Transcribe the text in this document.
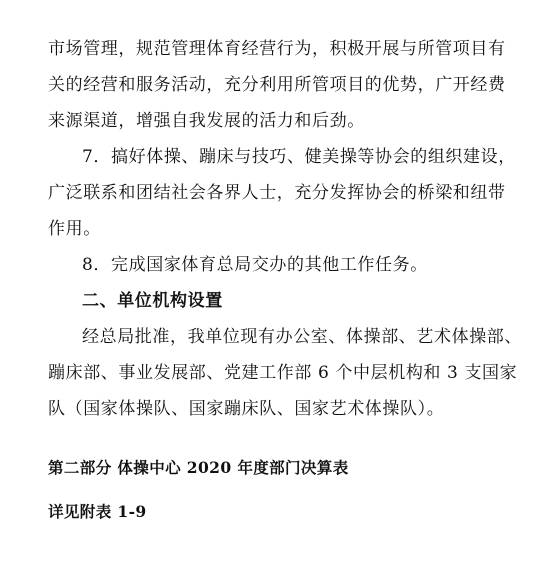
市场管理，规范管理体育经营行为，积极开展与所管项目有
关的经营和服务活动，充分利用所管项目的优势，广开经费
来源渠道，增强自我发展的活力和后劲。
7．搞好体操、蹦床与技巧、健美操等协会的组织建设，
广泛联系和团结社会各界人士，充分发挥协会的桥梁和纽带
作用。
8．完成国家体育总局交办的其他工作任务。
二、单位机构设置
经总局批准，我单位现有办公室、体操部、艺术体操部、
蹦床部、事业发展部、党建工作部 6 个中层机构和 3 支国家
队（国家体操队、国家蹦床队、国家艺术体操队）。
第二部分 体操中心 2020 年度部门决算表
详见附表 1-9
